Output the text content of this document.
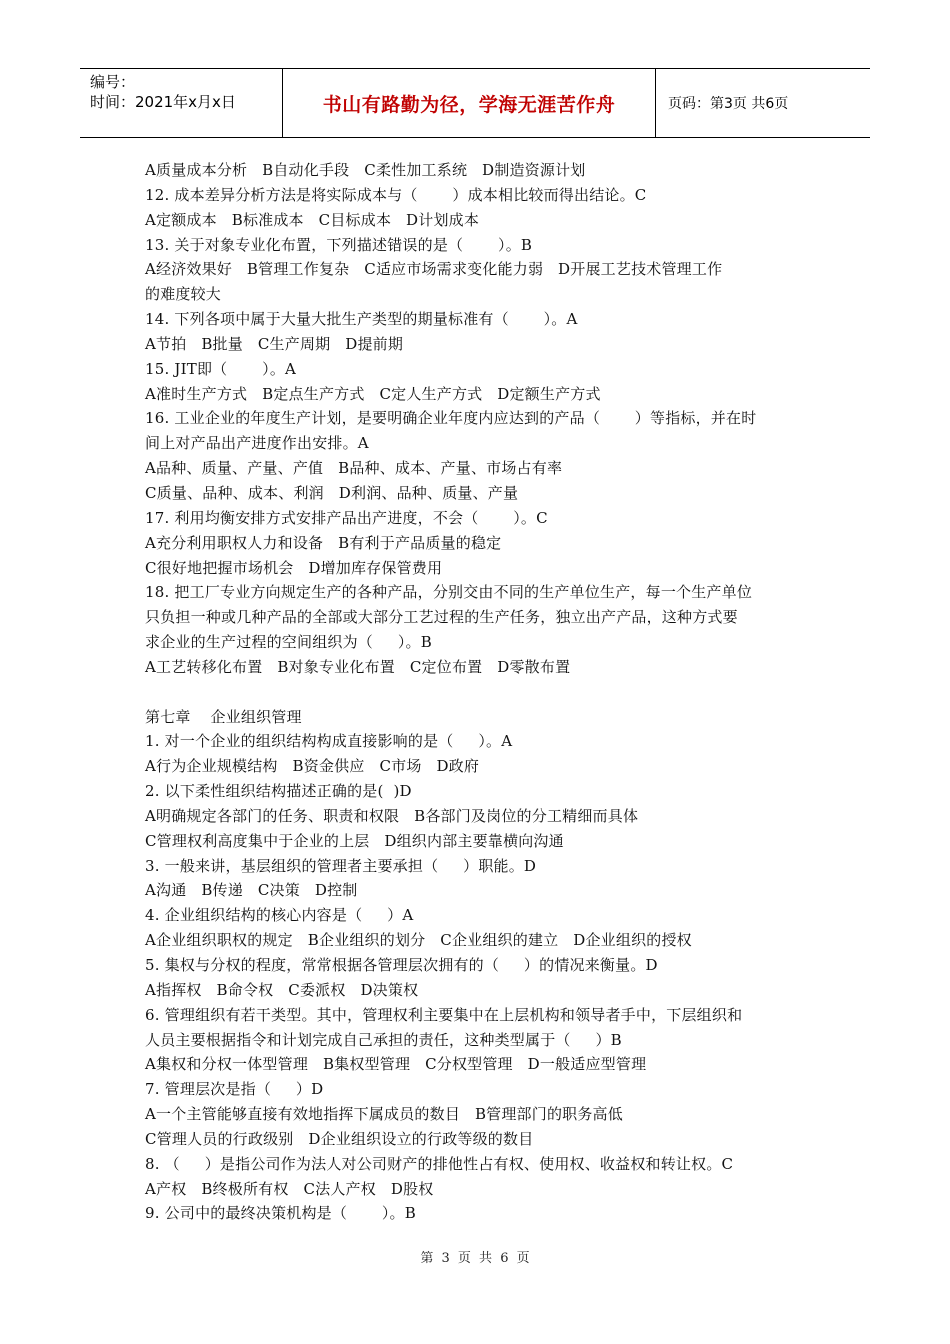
编号：
时间：2021年x月x日	书山有路勤为径，学海无涯苦作舟	页码：第3页 共6页
A质量成本分析   B自动化手段   C柔性加工系统   D制造资源计划
12. 成本差异分析方法是将实际成本与（       ）成本相比较而得出结论。C
A定额成本   B标准成本   C目标成本   D计划成本
13. 关于对象专业化布置，下列描述错误的是（       ）。B
A经济效果好   B管理工作复杂   C适应市场需求变化能力弱   D开展工艺技术管理工作
的难度较大
14. 下列各项中属于大量大批生产类型的期量标准有（       ）。A
A节拍   B批量   C生产周期   D提前期
15. JIT即（       ）。A
A准时生产方式   B定点生产方式   C定人生产方式   D定额生产方式
16. 工业企业的年度生产计划，是要明确企业年度内应达到的产品（       ）等指标，并在时
间上对产品出产进度作出安排。A
A品种、质量、产量、产值   B品种、成本、产量、市场占有率
C质量、品种、成本、利润   D利润、品种、质量、产量
17. 利用均衡安排方式安排产品出产进度，不会（       ）。C
A充分利用职权人力和设备   B有利于产品质量的稳定
C很好地把握市场机会   D增加库存保管费用
18. 把工厂专业方向规定生产的各种产品，分别交由不同的生产单位生产，每一个生产单位
只负担一种或几种产品的全部或大部分工艺过程的生产任务，独立出产产品，这种方式要
求企业的生产过程的空间组织为（     ）。B
A工艺转移化布置   B对象专业化布置   C定位布置   D零散布置
第七章    企业组织管理
1. 对一个企业的组织结构构成直接影响的是（     ）。A
A行为企业规模结构   B资金供应   C市场   D政府
2. 以下柔性组织结构描述正确的是(  )D
A明确规定各部门的任务、职责和权限   B各部门及岗位的分工精细而具体
C管理权利高度集中于企业的上层   D组织内部主要靠横向沟通
3. 一般来讲，基层组织的管理者主要承担（     ）职能。D
A沟通   B传递   C决策   D控制
4. 企业组织结构的核心内容是（     ）A
A企业组织职权的规定   B企业组织的划分   C企业组织的建立   D企业组织的授权
5. 集权与分权的程度，常常根据各管理层次拥有的（     ）的情况来衡量。D
A指挥权   B命令权   C委派权   D决策权
6. 管理组织有若干类型。其中，管理权利主要集中在上层机构和领导者手中，下层组织和
人员主要根据指令和计划完成自己承担的责任，这种类型属于（     ）B
A集权和分权一体型管理   B集权型管理   C分权型管理   D一般适应型管理
7. 管理层次是指（     ）D
A一个主管能够直接有效地指挥下属成员的数目   B管理部门的职务高低
C管理人员的行政级别   D企业组织设立的行政等级的数目
8. （     ）是指公司作为法人对公司财产的排他性占有权、使用权、收益权和转让权。C
A产权   B终极所有权   C法人产权   D股权
9. 公司中的最终决策机构是（       ）。B
第 3 页 共 6 页
